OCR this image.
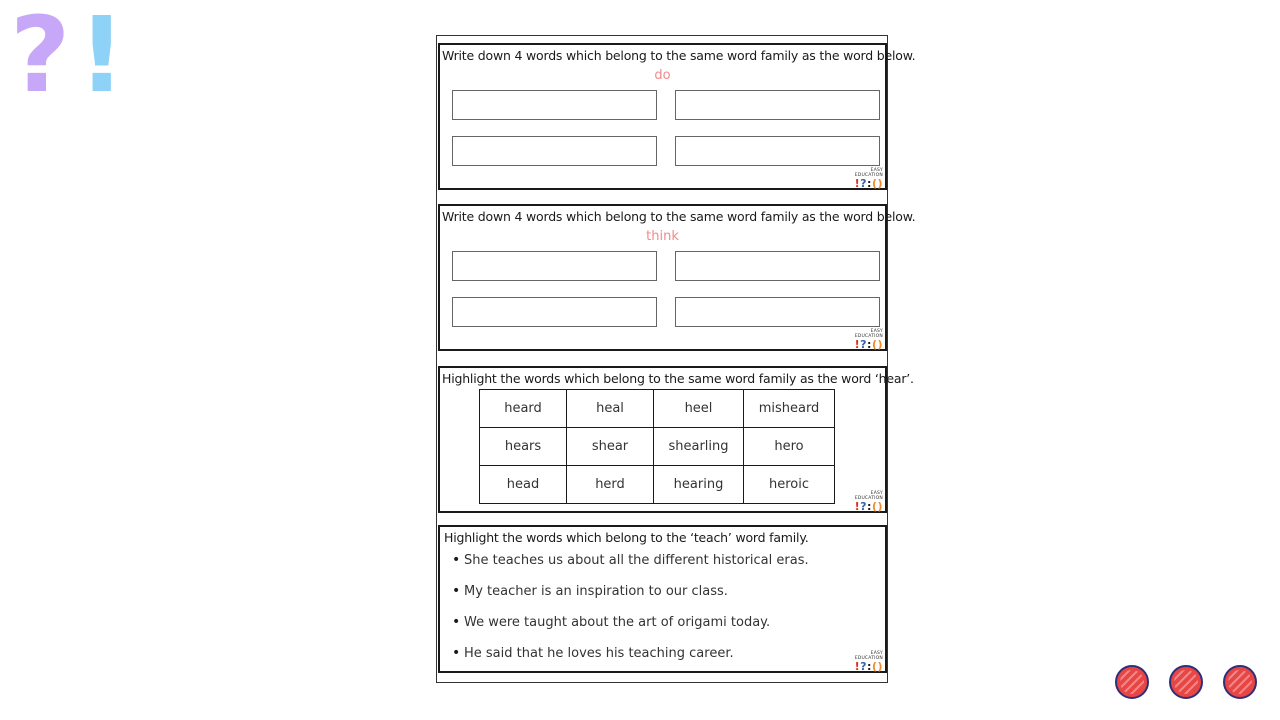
? !	Write down 4 words which belong to the same word family as the word below.
do
EASY EDUCATION
!?:()
Write down 4 words which belong to the same word family as the word below.
think
EASY EDUCATION
!?:()
Highlight the words which belong to the same word family as the word ‘hear’.
heard	heal	heel	misheard
hears	shear	shearling	hero
head	herd	hearing	heroic
EASY EDUCATION
!?:()
Highlight the words which belong to the ‘teach’ word family.
• She teaches us about all the different historical eras.
• My teacher is an inspiration to our class.
• We were taught about the art of origami today.
• He said that he loves his teaching career.	EASY EDUCATION
!?:()
